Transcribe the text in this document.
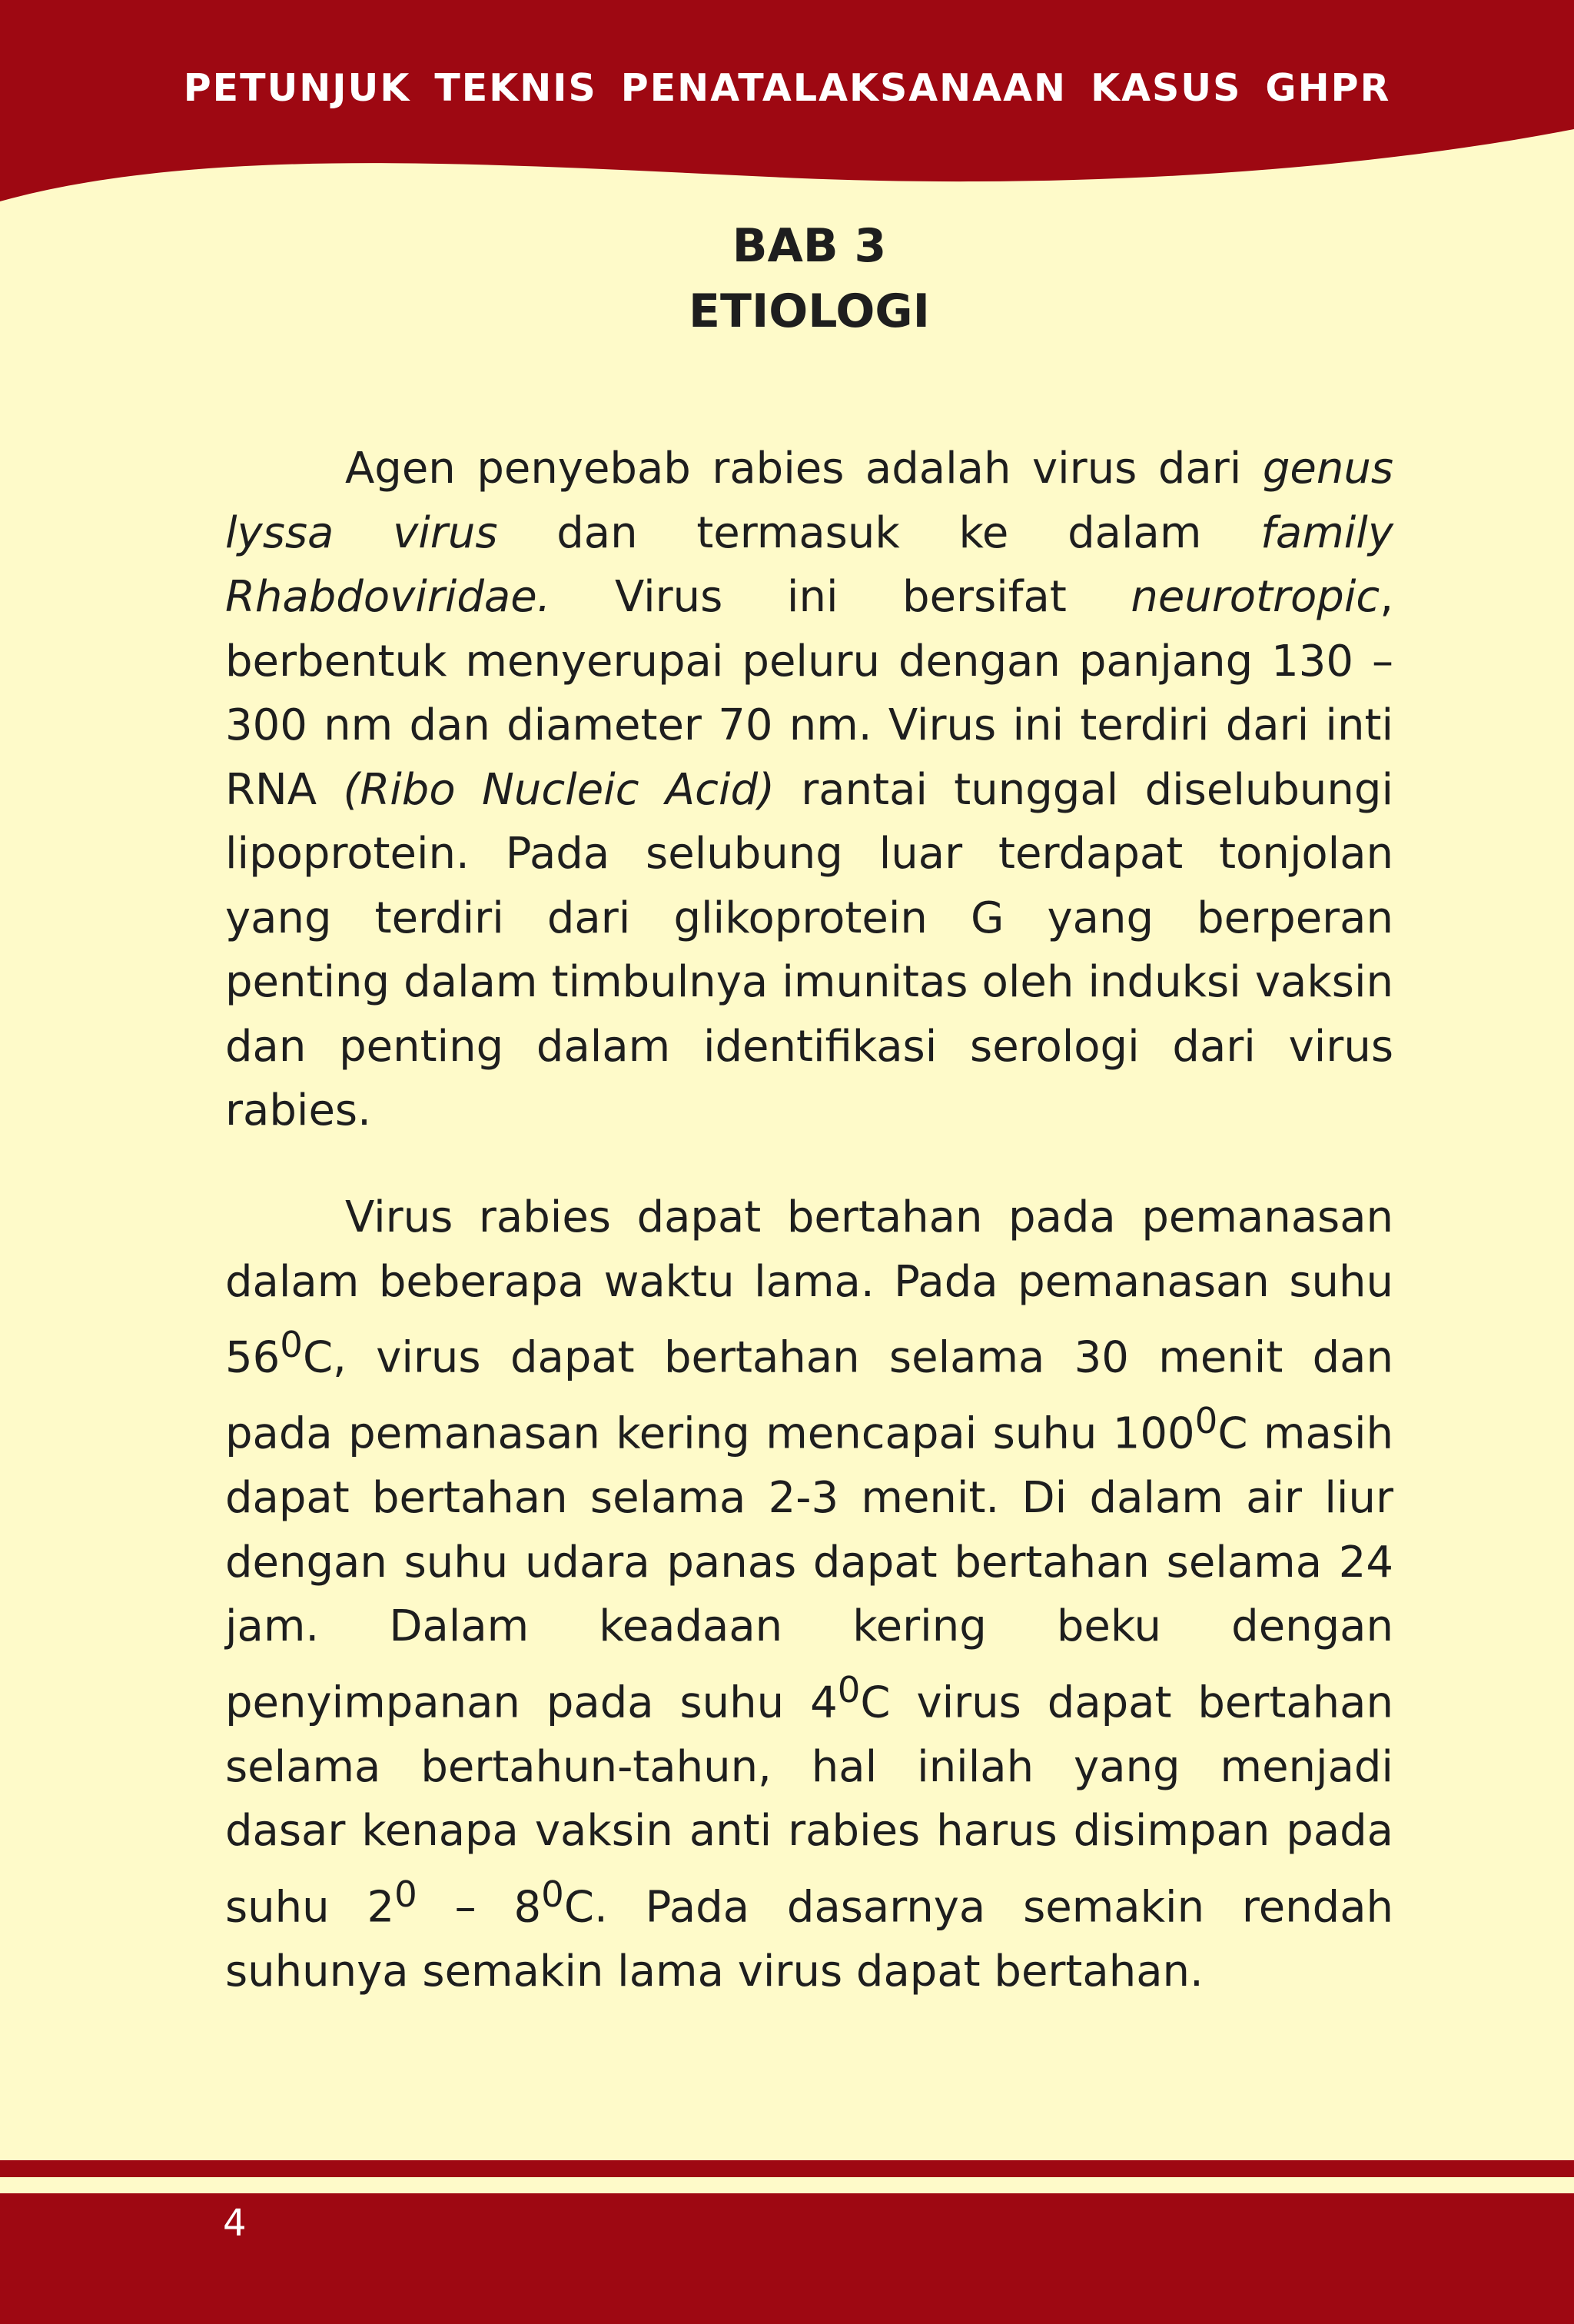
PETUNJUK TEKNIS PENATALAKSANAAN KASUS GHPR
BAB 3
ETIOLOGI

Agen penyebab rabies adalah virus dari genus lyssa virus dan termasuk ke dalam family Rhabdoviridae. Virus ini bersifat neurotropic, berbentuk menyerupai peluru dengan panjang 130 – 300 nm dan diameter 70 nm. Virus ini terdiri dari inti RNA (Ribo Nucleic Acid) rantai tunggal diselubungi lipoprotein. Pada selubung luar terdapat tonjolan yang terdiri dari glikoprotein G yang berperan penting dalam timbulnya imunitas oleh induksi vaksin dan penting dalam identifikasi serologi dari virus rabies.

Virus rabies dapat bertahan pada pemanasan dalam beberapa waktu lama. Pada pemanasan suhu $56^0C$, virus dapat bertahan selama 30 menit dan pada pemanasan kering mencapai suhu $100^0C$ masih dapat bertahan selama 2-3 menit. Di dalam air liur dengan suhu udara panas dapat bertahan selama 24 jam. Dalam keadaan kering beku dengan penyimpanan pada suhu $4^0C$ virus dapat bertahan selama bertahun-tahun, hal inilah yang menjadi dasar kenapa vaksin anti rabies harus disimpan pada suhu $2^0 - 8^0C$. Pada dasarnya semakin rendah suhunya semakin lama virus dapat bertahan.

4
